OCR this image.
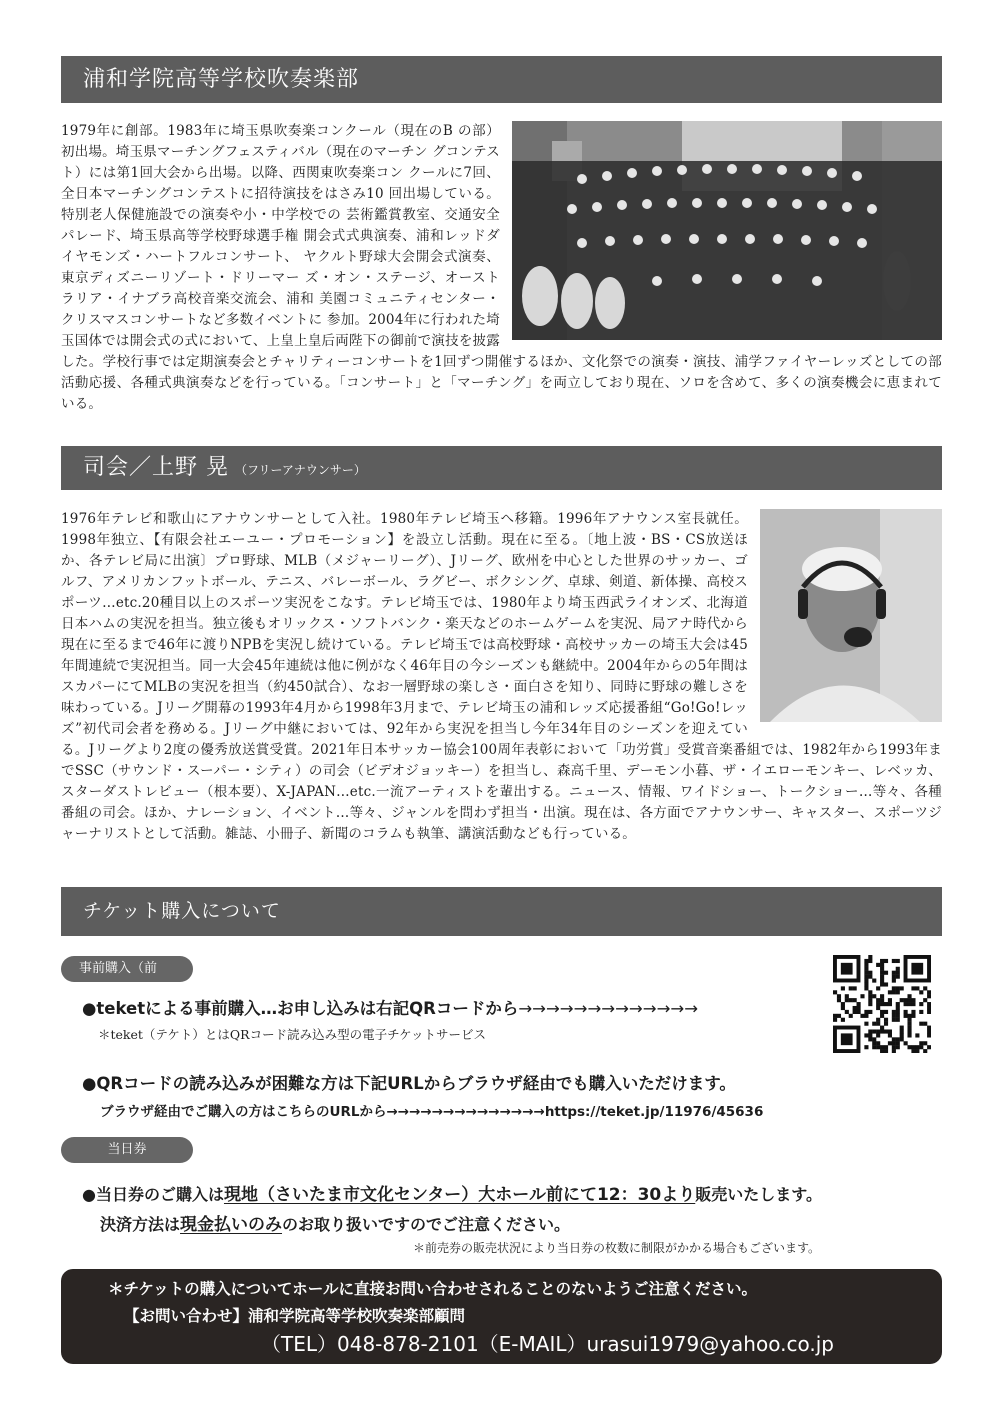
浦和学院高等学校吹奏楽部
1979年に創部。1983年に埼玉県吹奏楽コンクール（現在のB の部）初出場。埼玉県マーチングフェスティバル（現在のマーチン グコンテスト）には第1回大会から出場。以降、西関東吹奏楽コン クールに7回、全日本マーチングコンテストに招待演技をはさみ10 回出場している。特別老人保健施設での演奏や小・中学校での 芸術鑑賞教室、交通安全パレード、埼玉県高等学校野球選手権 開会式式典演奏、浦和レッドダイヤモンズ・ハートフルコンサート、 ヤクルト野球大会開会式演奏、東京ディズニーリゾート・ドリーマー ズ・オン・ステージ、オーストラリア・イナブラ高校音楽交流会、浦和 美園コミュニティセンター・クリスマスコンサートなど多数イベントに 参加。2004年に行われた埼玉国体では開会式の式において、上皇上皇后両陛下の御前で演技を披露した。学校行事では定期演奏会とチャリティーコンサートを1回ずつ開催するほか、文化祭での演奏・演技、浦学ファイヤーレッズとしての部活動応援、各種式典演奏などを行っている。「コンサート」と「マーチング」を両立しており現在、ソロを含めて、多くの演奏機会に恵まれている。
司会／上野 晃 （フリーアナウンサー）
1976年テレビ和歌山にアナウンサーとして入社。1980年テレビ埼玉へ移籍。1996年アナウンス室長就任。1998年独立、【有限会社エーユー・プロモーション】を設立し活動。現在に至る。〔地上波・BS・CS放送ほか、各テレビ局に出演〕プロ野球、MLB（メジャーリーグ）、Jリーグ、欧州を中心とした世界のサッカー、ゴルフ、アメリカンフットボール、テニス、バレーボール、ラグビー、ボクシング、卓球、剣道、新体操、高校スポーツ…etc.20種目以上のスポーツ実況をこなす。テレビ埼玉では、1980年より埼玉西武ライオンズ、北海道日本ハムの実況を担当。独立後もオリックス・ソフトバンク・楽天などのホームゲームを実況、局アナ時代から現在に至るまで46年に渡りNPBを実況し続けている。テレビ埼玉では高校野球・高校サッカーの埼玉大会は45年間連続で実況担当。同一大会45年連続は他に例がなく46年目の今シーズンも継続中。2004年からの5年間はスカパーにてMLBの実況を担当（約450試合）、なお一層野球の楽しさ・面白さを知り、同時に野球の難しさを味わっている。Jリーグ開幕の1993年4月から1998年3月まで、テレビ埼玉の浦和レッズ応援番組“Go!Go!レッズ”初代司会者を務める。Jリーグ中継においては、92年から実況を担当し今年34年目のシーズンを迎えている。Jリーグより2度の優秀放送賞受賞。2021年日本サッカー協会100周年表彰において「功労賞」受賞音楽番組では、1982年から1993年までSSC（サウンド・スーパー・シティ）の司会（ビデオジョッキー）を担当し、森高千里、デーモン小暮、ザ・イエローモンキー、レベッカ、スターダストレビュー（根本要）、X-JAPAN…etc.一流アーティストを輩出する。ニュース、情報、ワイドショー、トークショー…等々、各種番組の司会。ほか、ナレーション、イベント…等々、ジャンルを問わず担当・出演。現在は、各方面でアナウンサー、キャスター、スポーツジャーナリストとして活動。雑誌、小冊子、新聞のコラムも執筆、講演活動なども行っている。
チケット購入について
事前購入（前売）
●teketによる事前購入…お申し込みは右記QRコードから→→→→→→→→→→→→→
＊teket（テケト）とはQRコード読み込み型の電子チケットサービス
●QRコードの読み込みが困難な方は下記URLからブラウザ経由でも購入いただけます。
ブラウザ経由でご購入の方はこちらのURLから→→→→→→→→→→→→→→https://teket.jp/11976/45636
当日券
●当日券のご購入は現地（さいたま市文化センター）大ホール前にて12：30より販売いたします。
決済方法は現金払いのみのお取り扱いですのでご注意ください。
＊前売券の販売状況により当日券の枚数に制限がかかる場合もございます。
＊チケットの購入についてホールに直接お問い合わせされることのないようご注意ください。
【お問い合わせ】浦和学院高等学校吹奏楽部顧問
（TEL）048-878-2101（E-MAIL）urasui1979@yahoo.co.jp
